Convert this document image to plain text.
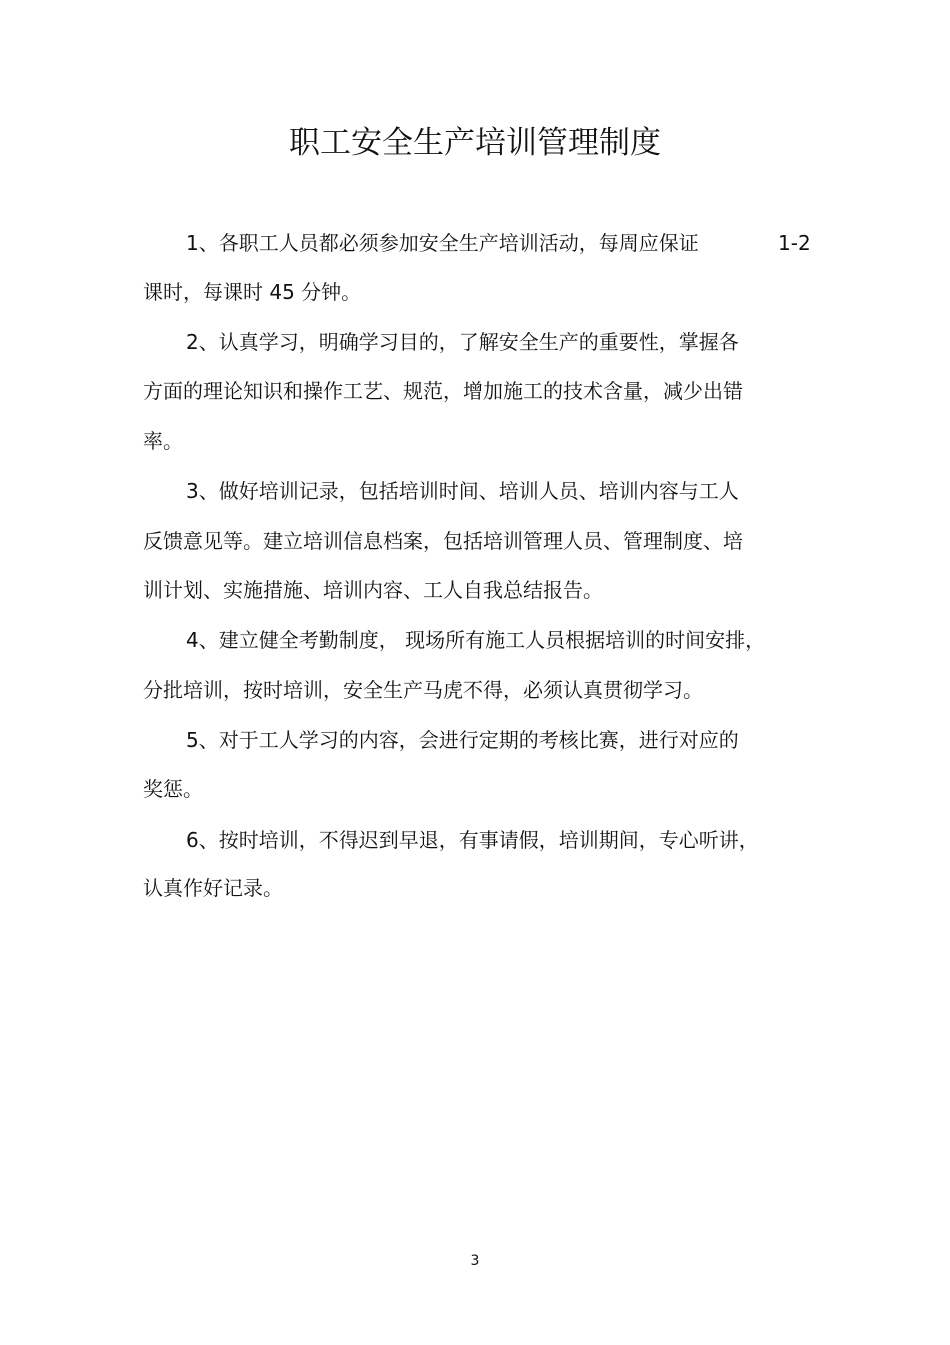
职工安全生产培训管理制度
1、各职工人员都必须参加安全生产培训活动，每周应保证	1-2
课时，每课时 45 分钟。
2、认真学习，明确学习目的，了解安全生产的重要性，掌握各
方面的理论知识和操作工艺、规范，增加施工的技术含量，减少出错
率。
3、做好培训记录，包括培训时间、培训人员、培训内容与工人
反馈意见等。建立培训信息档案，包括培训管理人员、管理制度、培
训计划、实施措施、培训内容、工人自我总结报告。
4、建立健全考勤制度， 现场所有施工人员根据培训的时间安排，
分批培训，按时培训，安全生产马虎不得，必须认真贯彻学习。
5、对于工人学习的内容，会进行定期的考核比赛，进行对应的
奖惩。
6、按时培训，不得迟到早退，有事请假，培训期间，专心听讲，
认真作好记录。
3
